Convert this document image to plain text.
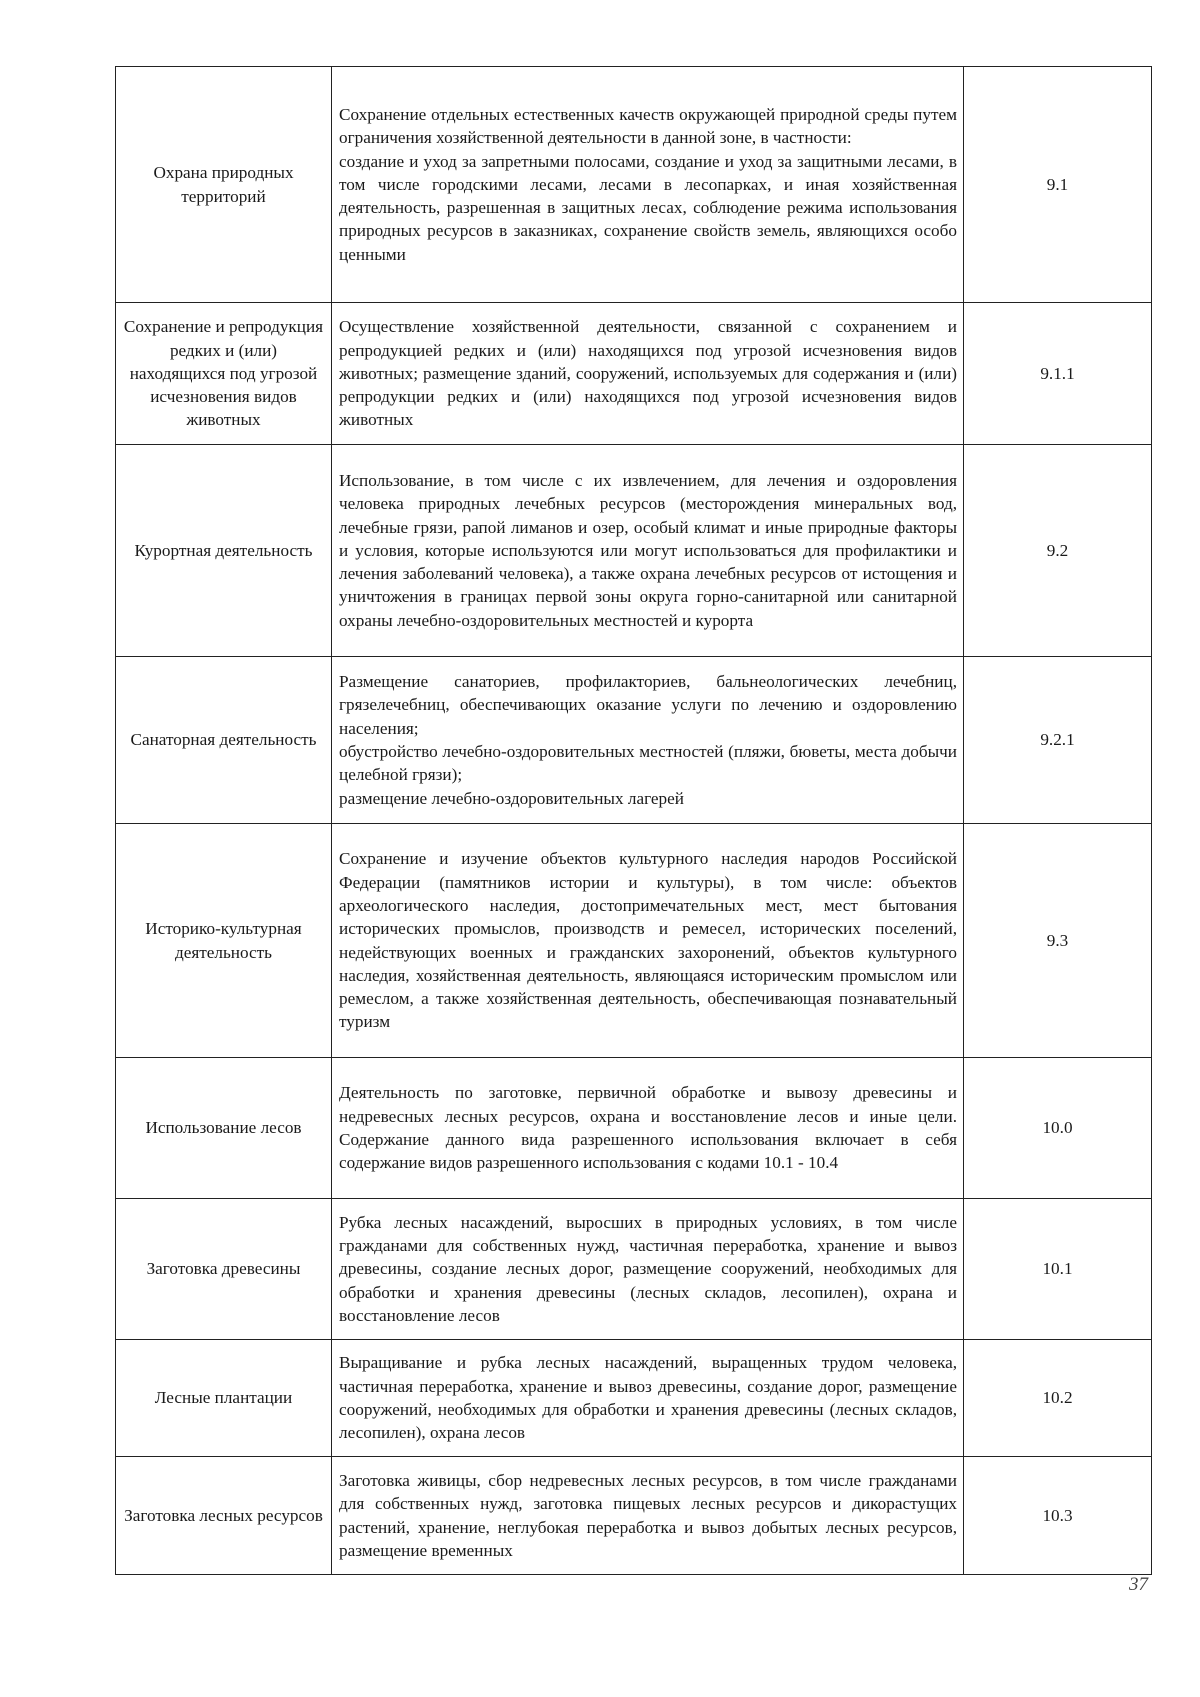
Охрана природных территорий	Сохранение отдельных естественных качеств окружающей природной среды путем ограничения хозяйственной деятельности в данной зоне, в частности:
создание и уход за запретными полосами, создание и уход за защитными лесами, в том числе городскими лесами, лесами в лесопарках, и иная хозяйственная деятельность, разрешенная в защитных лесах, соблюдение режима использования природных ресурсов в заказниках, сохранение свойств земель, являющихся особо ценными	9.1
Сохранение и репродукция редких и (или) находящихся под угрозой исчезновения видов животных	Осуществление хозяйственной деятельности, связанной с сохранением и репродукцией редких и (или) находящихся под угрозой исчезновения видов животных; размещение зданий, сооружений, используемых для содержания и (или) репродукции редких и (или) находящихся под угрозой исчезновения видов животных	9.1.1
Курортная деятельность	Использование, в том числе с их извлечением, для лечения и оздоровления человека природных лечебных ресурсов (месторождения минеральных вод, лечебные грязи, рапой лиманов и озер, особый климат и иные природные факторы и условия, которые используются или могут использоваться для профилактики и лечения заболеваний человека), а также охрана лечебных ресурсов от истощения и уничтожения в границах первой зоны округа горно-санитарной или санитарной охраны лечебно-оздоровительных местностей и курорта	9.2
Санаторная деятельность	Размещение санаториев, профилакториев, бальнеологических лечебниц, грязелечебниц, обеспечивающих оказание услуги по лечению и оздоровлению населения;
обустройство лечебно-оздоровительных местностей (пляжи, бюветы, места добычи целебной грязи);
размещение лечебно-оздоровительных лагерей	9.2.1
Историко-культурная деятельность	Сохранение и изучение объектов культурного наследия народов Российской Федерации (памятников истории и культуры), в том числе: объектов археологического наследия, достопримечательных мест, мест бытования исторических промыслов, производств и ремесел, исторических поселений, недействующих военных и гражданских захоронений, объектов культурного наследия, хозяйственная деятельность, являющаяся историческим промыслом или ремеслом, а также хозяйственная деятельность, обеспечивающая познавательный туризм	9.3
Использование лесов	Деятельность по заготовке, первичной обработке и вывозу древесины и недревесных лесных ресурсов, охрана и восстановление лесов и иные цели. Содержание данного вида разрешенного использования включает в себя содержание видов разрешенного использования с кодами 10.1 - 10.4	10.0
Заготовка древесины	Рубка лесных насаждений, выросших в природных условиях, в том числе гражданами для собственных нужд, частичная переработка, хранение и вывоз древесины, создание лесных дорог, размещение сооружений, необходимых для обработки и хранения древесины (лесных складов, лесопилен), охрана и восстановление лесов	10.1
Лесные плантации	Выращивание и рубка лесных насаждений, выращенных трудом человека, частичная переработка, хранение и вывоз древесины, создание дорог, размещение сооружений, необходимых для обработки и хранения древесины (лесных складов, лесопилен), охрана лесов	10.2
Заготовка лесных ресурсов	Заготовка живицы, сбор недревесных лесных ресурсов, в том числе гражданами для собственных нужд, заготовка пищевых лесных ресурсов и дикорастущих растений, хранение, неглубокая переработка и вывоз добытых лесных ресурсов, размещение временных	10.3
37
